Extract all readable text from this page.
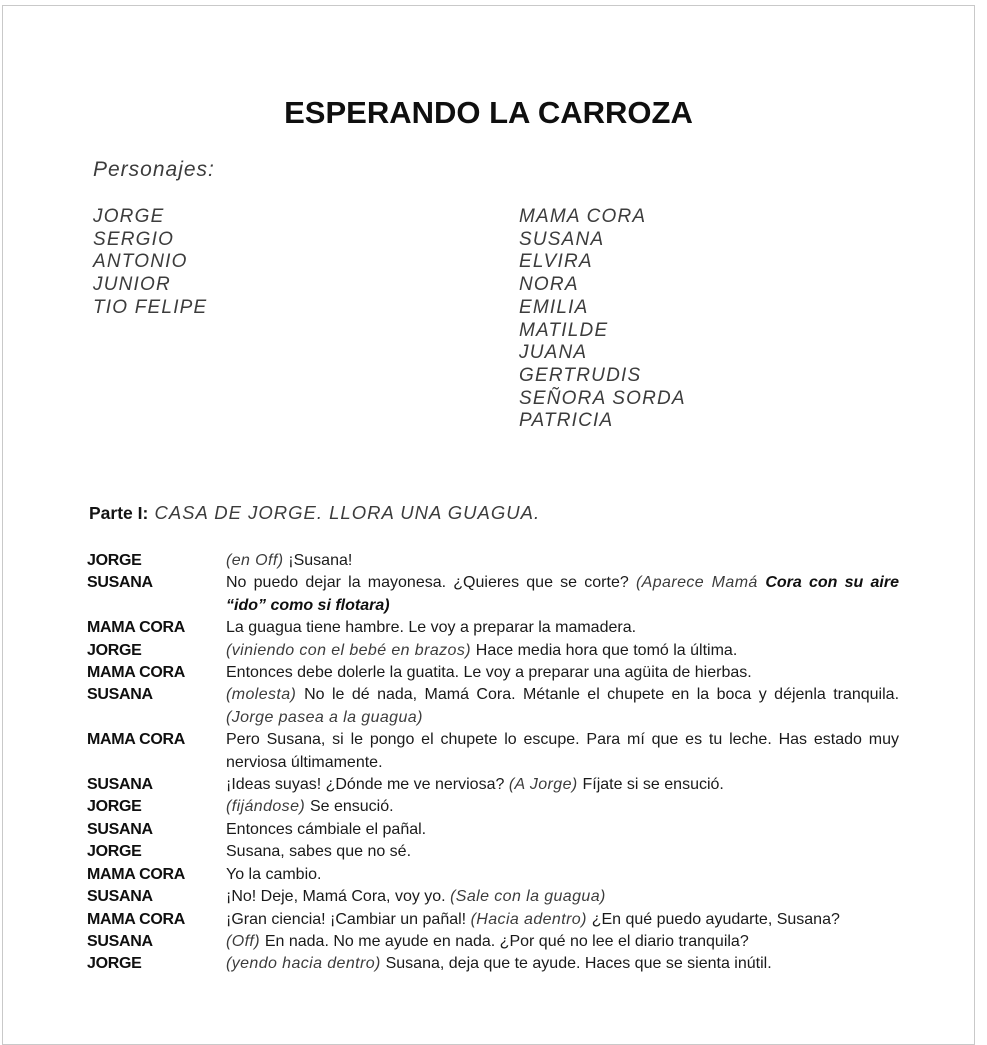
ESPERANDO LA CARROZA
Personajes:
JORGE
SERGIO
ANTONIO
JUNIOR
TIO FELIPE
MAMA CORA
SUSANA
ELVIRA
NORA
EMILIA
MATILDE
JUANA
GERTRUDIS
SEÑORA SORDA
PATRICIA
Parte I: CASA DE JORGE. LLORA UNA GUAGUA.
JORGE	(en Off) ¡Susana!
SUSANA	No puedo dejar la mayonesa. ¿Quieres que se corte? (Aparece Mamá Cora con su aire “ido” como si flotara)
MAMA CORA	La guagua tiene hambre. Le voy a preparar la mamadera.
JORGE	(viniendo con el bebé en brazos) Hace media hora que tomó la última.
MAMA CORA	Entonces debe dolerle la guatita. Le voy a preparar una agüita de hierbas.
SUSANA	(molesta) No le dé nada, Mamá Cora. Métanle el chupete en la boca y déjenla tranquila. (Jorge pasea a la guagua)
MAMA CORA	Pero Susana, si le pongo el chupete lo escupe. Para mí que es tu leche. Has estado muy nerviosa últimamente.
SUSANA	¡Ideas suyas! ¿Dónde me ve nerviosa? (A Jorge) Fíjate si se ensució.
JORGE	(fijándose) Se ensució.
SUSANA	Entonces cámbiale el pañal.
JORGE	Susana, sabes que no sé.
MAMA CORA	Yo la cambio.
SUSANA	¡No! Deje, Mamá Cora, voy yo. (Sale con la guagua)
MAMA CORA	¡Gran ciencia! ¡Cambiar un pañal! (Hacia adentro) ¿En qué puedo ayudarte, Susana?
SUSANA	(Off) En nada. No me ayude en nada. ¿Por qué no lee el diario tranquila?
JORGE	(yendo hacia dentro) Susana, deja que te ayude. Haces que se sienta inútil.
